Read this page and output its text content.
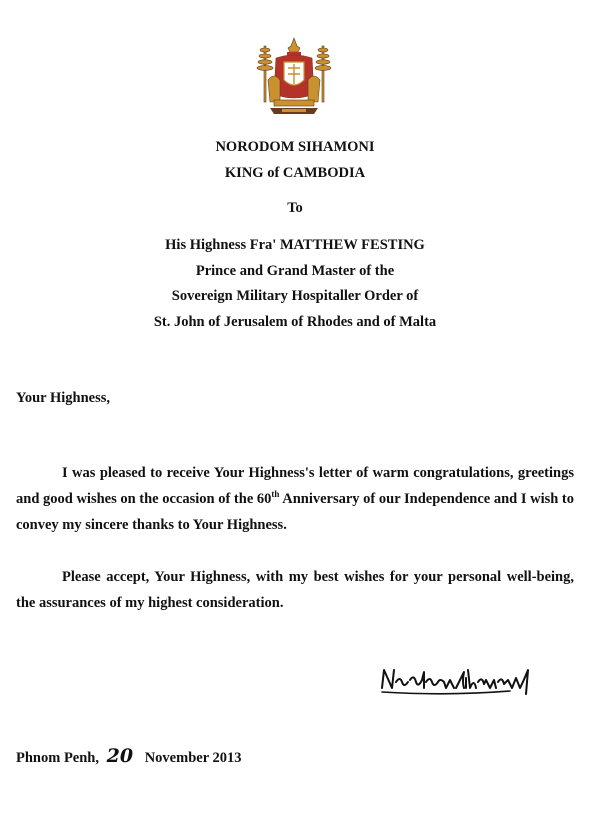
NORODOM SIHAMONI
KING of CAMBODIA
To
His Highness Fra' MATTHEW FESTING
Prince and Grand Master of the
Sovereign Military Hospitaller Order of
St. John of Jerusalem of Rhodes and of Malta
Your Highness,

I was pleased to receive Your Highness's letter of warm congratulations, greetings and good wishes on the occasion of the 60th Anniversary of our Independence and I wish to convey my sincere thanks to Your Highness.

Please accept, Your Highness, with my best wishes for your personal well-being, the assurances of my highest consideration.

Phnom Penh, 20 November 2013
